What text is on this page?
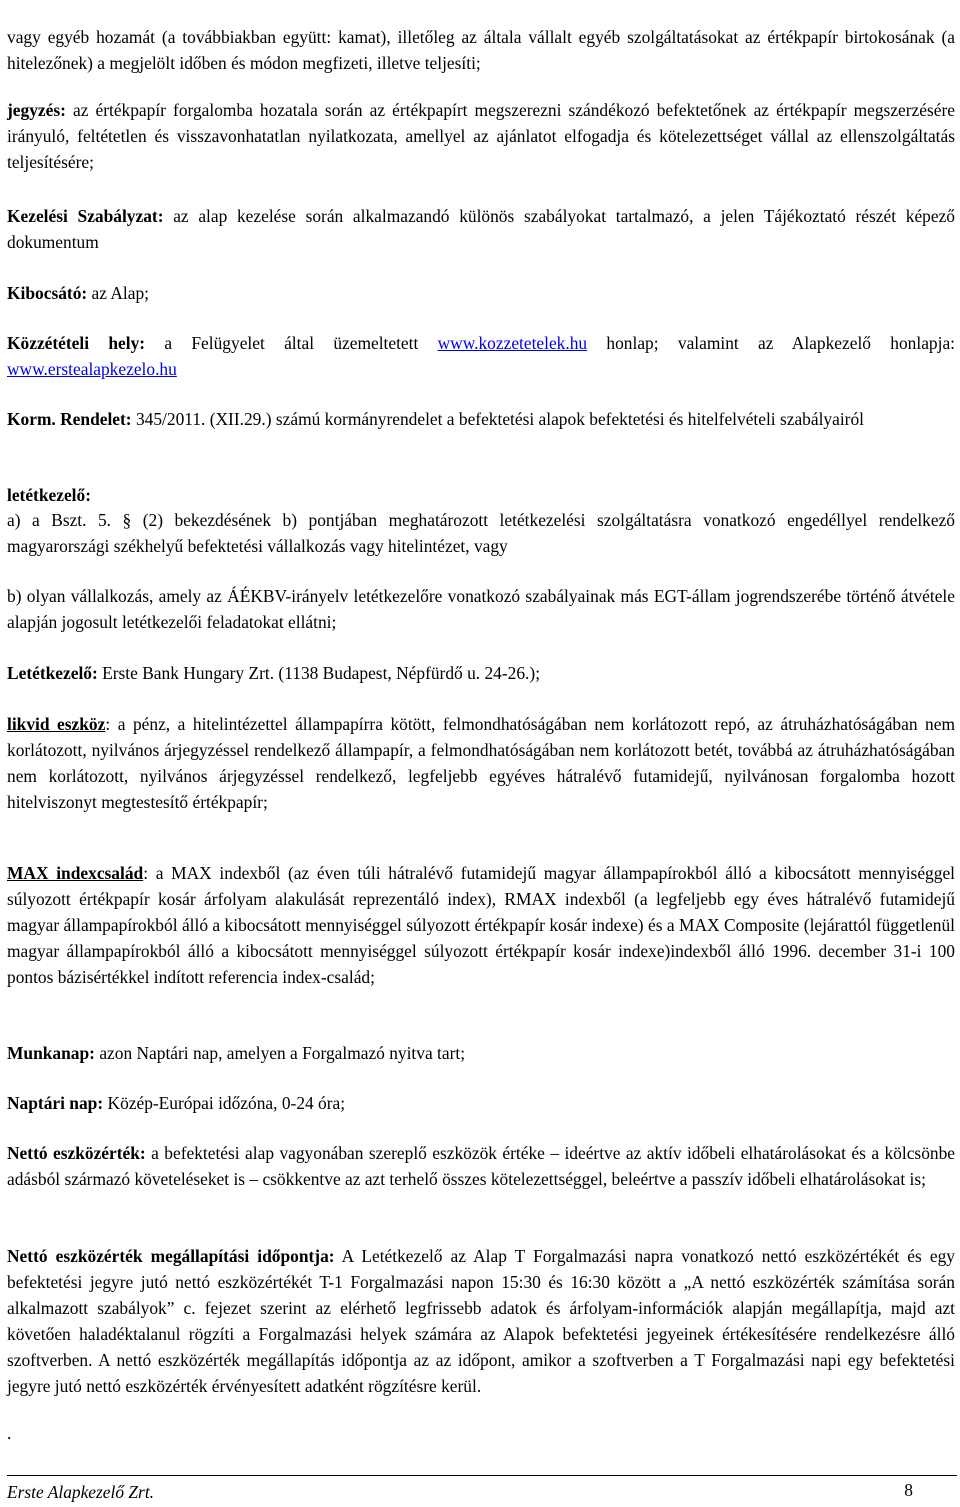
vagy egyéb hozamát (a továbbiakban együtt: kamat), illetőleg az általa vállalt egyéb szolgáltatásokat az értékpapír birtokosának (a hitelezőnek) a megjelölt időben és módon megfizeti, illetve teljesíti;

jegyzés: az értékpapír forgalomba hozatala során az értékpapírt megszerezni szándékozó befektetőnek az értékpapír megszerzésére irányuló, feltétetlen és visszavonhatatlan nyilatkozata, amellyel az ajánlatot elfogadja és kötelezettséget vállal az ellenszolgáltatás teljesítésére;

Kezelési Szabályzat: az alap kezelése során alkalmazandó különös szabályokat tartalmazó, a jelen Tájékoztató részét képező dokumentum

Kibocsátó: az Alap;

Közzétételi hely: a Felügyelet által üzemeltetett www.kozzetetelek.hu honlap; valamint az Alapkezelő honlapja: www.erstealapkezelo.hu

Korm. Rendelet: 345/2011. (XII.29.) számú kormányrendelet a befektetési alapok befektetési és hitelfelvételi szabályairól

letétkezelő:

a) a Bszt. 5. § (2) bekezdésének b) pontjában meghatározott letétkezelési szolgáltatásra vonatkozó engedéllyel rendelkező magyarországi székhelyű befektetési vállalkozás vagy hitelintézet, vagy

b) olyan vállalkozás, amely az ÁÉKBV-irányelv letétkezelőre vonatkozó szabályainak más EGT-állam jogrendszerébe történő átvétele alapján jogosult letétkezelői feladatokat ellátni;

Letétkezelő: Erste Bank Hungary Zrt. (1138 Budapest, Népfürdő u. 24-26.);

likvid eszköz: a pénz, a hitelintézettel állampapírra kötött, felmondhatóságában nem korlátozott repó, az átruházhatóságában nem korlátozott, nyilvános árjegyzéssel rendelkező állampapír, a felmondhatóságában nem korlátozott betét, továbbá az átruházhatóságában nem korlátozott, nyilvános árjegyzéssel rendelkező, legfeljebb egyéves hátralévő futamidejű, nyilvánosan forgalomba hozott hitelviszonyt megtestesítő értékpapír;

MAX indexcsalád: a MAX indexből (az éven túli hátralévő futamidejű magyar állampapírokból álló a kibocsátott mennyiséggel súlyozott értékpapír kosár árfolyam alakulását reprezentáló index), RMAX indexből (a legfeljebb egy éves hátralévő futamidejű magyar állampapírokból álló a kibocsátott mennyiséggel súlyozott értékpapír kosár indexe) és a MAX Composite (lejárattól függetlenül magyar állampapírokból álló a kibocsátott mennyiséggel súlyozott értékpapír kosár indexe)indexből álló 1996. december 31-i 100 pontos bázisértékkel indított referencia index-család;

Munkanap: azon Naptári nap, amelyen a Forgalmazó nyitva tart;

Naptári nap: Közép-Európai időzóna, 0-24 óra;

Nettó eszközérték: a befektetési alap vagyonában szereplő eszközök értéke – ideértve az aktív időbeli elhatárolásokat és a kölcsönbe adásból származó követeléseket is – csökkentve az azt terhelő összes kötelezettséggel, beleértve a passzív időbeli elhatárolásokat is;

Nettó eszközérték megállapítási időpontja: A Letétkezelő az Alap T Forgalmazási napra vonatkozó nettó eszközértékét és egy befektetési jegyre jutó nettó eszközértékét T-1 Forgalmazási napon 15:30 és 16:30 között a „A nettó eszközérték számítása során alkalmazott szabályok” c. fejezet szerint az elérhető legfrissebb adatok és árfolyam-információk alapján megállapítja, majd azt követően haladéktalanul rögzíti a Forgalmazási helyek számára az Alapok befektetési jegyeinek értékesítésére rendelkezésre álló szoftverben. A nettó eszközérték megállapítás időpontja az az időpont, amikor a szoftverben a T Forgalmazási napi egy befektetési jegyre jutó nettó eszközérték érvényesített adatként rögzítésre kerül.

.

Erste Alapkezelő Zrt.	8
